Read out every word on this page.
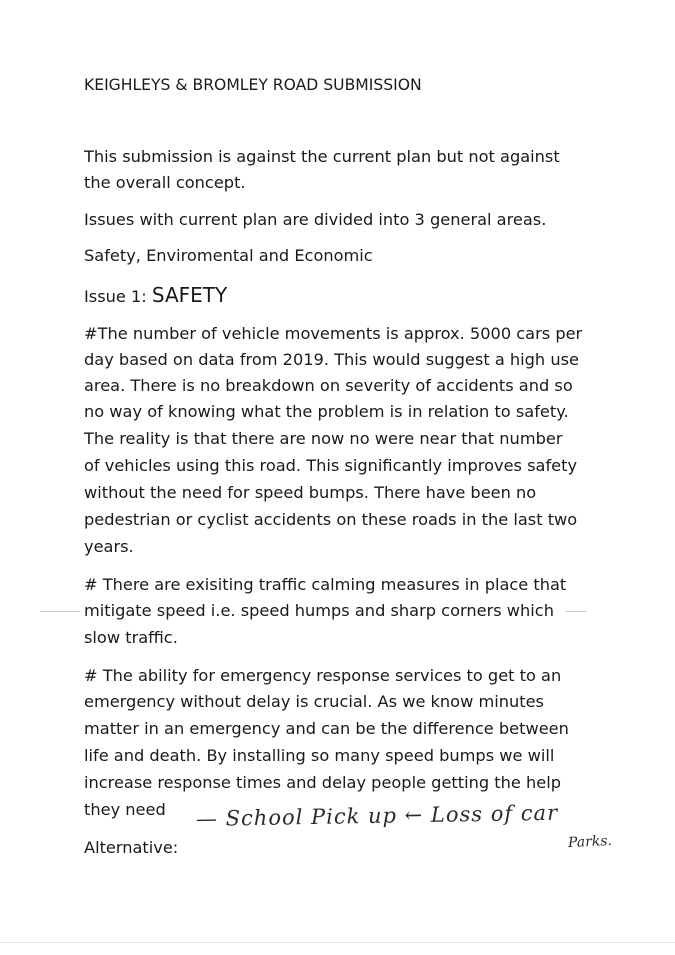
KEIGHLEYS & BROMLEY ROAD SUBMISSION
This submission is against the current plan but not against
the overall concept.
Issues with current plan are divided into 3 general areas.
Safety, Enviromental and Economic
Issue 1: SAFETY
#The number of vehicle movements is approx. 5000 cars per
day based on data from 2019. This would suggest a high use
area. There is no breakdown on severity of accidents and so
no way of knowing what the problem is in relation to safety.
The reality is that there are now no were near that number
of vehicles using this road. This significantly improves safety
without the need for speed bumps. There have been no
pedestrian or cyclist accidents on these roads in the last two
years.
# There are exisiting traffic calming measures in place that
mitigate speed i.e. speed humps and sharp corners which
slow traffic.
# The ability for emergency response services to get to an
emergency without delay is crucial. As we know minutes
matter in an emergency and can be the difference between
life and death. By installing so many speed bumps we will
increase response times and delay people getting the help
they need
Alternative:
— School Pick up ← Loss of car
Parks.
